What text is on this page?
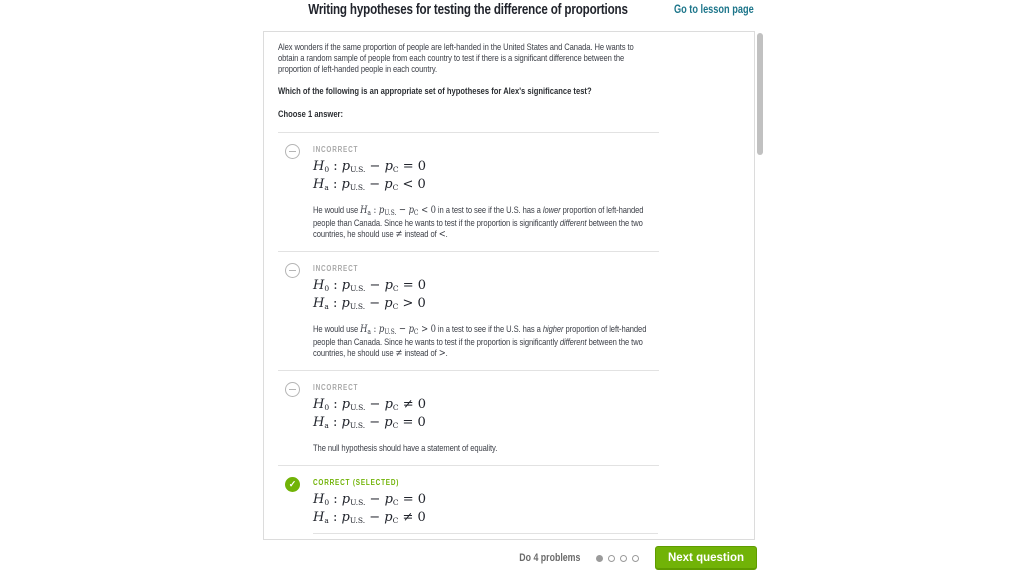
Writing hypotheses for testing the difference of proportions	Go to lesson page
Alex wonders if the same proportion of people are left-handed in the United States and Canada. He wants to obtain a random sample of people from each country to test if there is a significant difference between the proportion of left-handed people in each country.
Which of the following is an appropriate set of hypotheses for Alex's significance test?
Choose 1 answer:
INCORRECT
$H_0$ : $p_{U.S.} - p_C = 0$
$H_a$ : $p_{U.S.} - p_C < 0$
He would use $H_a$ : $p_{U.S.} - p_C < 0$ in a test to see if the U.S. has a lower proportion of left-handed people than Canada. Since he wants to test if the proportion is significantly different between the two countries, he should use ≠ instead of <.
INCORRECT
$H_0$ : $p_{U.S.} - p_C = 0$
$H_a$ : $p_{U.S.} - p_C > 0$
He would use $H_a$ : $p_{U.S.} - p_C > 0$ in a test to see if the U.S. has a higher proportion of left-handed people than Canada. Since he wants to test if the proportion is significantly different between the two countries, he should use ≠ instead of >.
INCORRECT
$H_0$ : $p_{U.S.} - p_C \ne 0$
$H_a$ : $p_{U.S.} - p_C = 0$
The null hypothesis should have a statement of equality.
✓
CORRECT (SELECTED)
$H_0$ : $p_{U.S.} - p_C = 0$
$H_a$ : $p_{U.S.} - p_C \ne 0$
Do 4 problems	Next question
